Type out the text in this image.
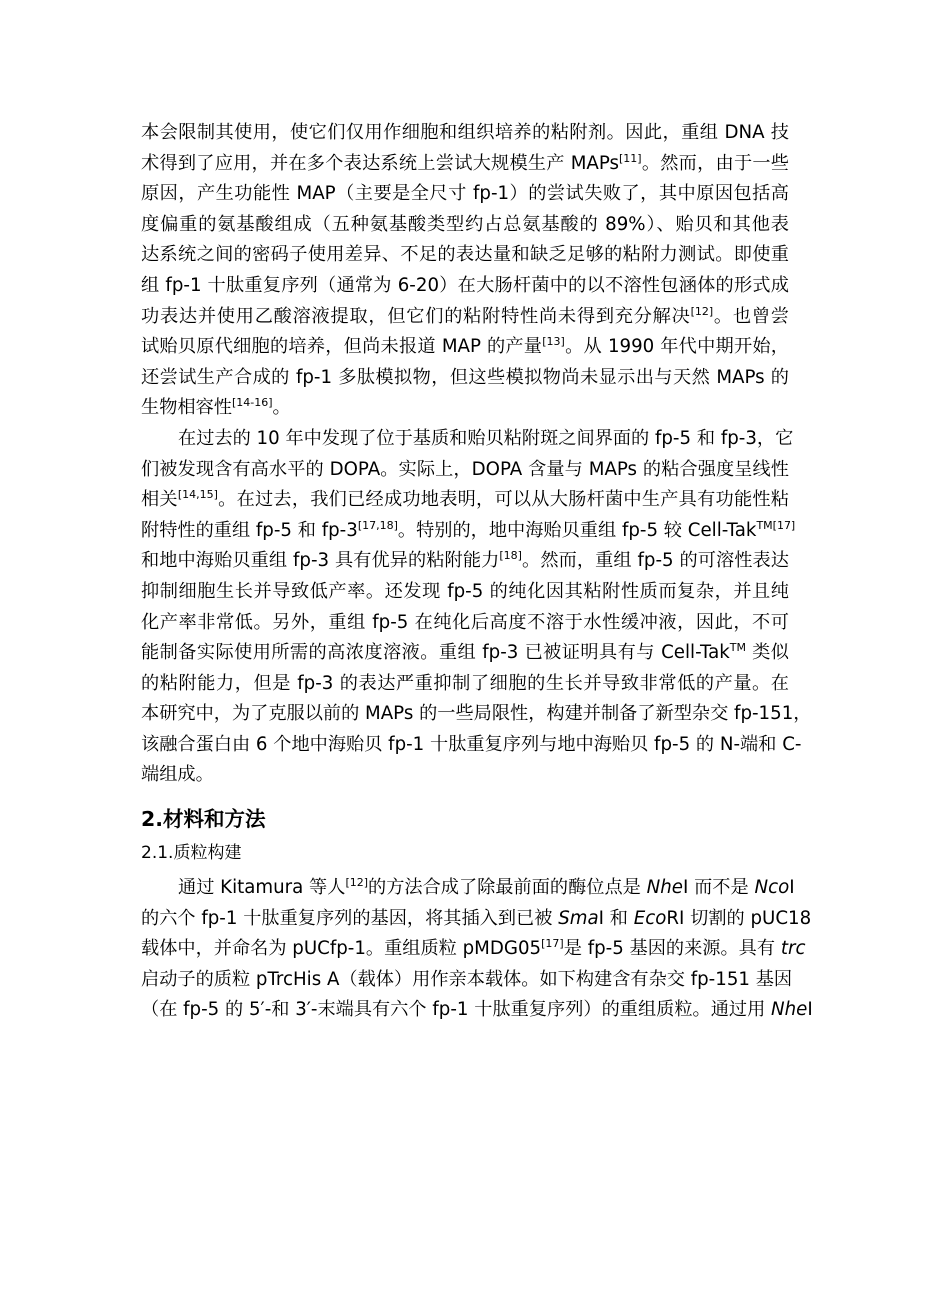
本会限制其使用，使它们仅用作细胞和组织培养的粘附剂。因此，重组 DNA 技
术得到了应用，并在多个表达系统上尝试大规模生产 MAPs[11]。然而，由于一些
原因，产生功能性 MAP（主要是全尺寸 fp-1）的尝试失败了，其中原因包括高
度偏重的氨基酸组成（五种氨基酸类型约占总氨基酸的 89%）、贻贝和其他表
达系统之间的密码子使用差异、不足的表达量和缺乏足够的粘附力测试。即使重
组 fp-1 十肽重复序列（通常为 6-20）在大肠杆菌中的以不溶性包涵体的形式成
功表达并使用乙酸溶液提取，但它们的粘附特性尚未得到充分解决[12]。也曾尝
试贻贝原代细胞的培养，但尚未报道 MAP 的产量[13]。从 1990 年代中期开始，
还尝试生产合成的 fp-1 多肽模拟物，但这些模拟物尚未显示出与天然 MAPs 的
生物相容性[14-16]。
在过去的 10 年中发现了位于基质和贻贝粘附斑之间界面的 fp-5 和 fp-3，它
们被发现含有高水平的 DOPA。实际上，DOPA 含量与 MAPs 的粘合强度呈线性
相关[14,15]。在过去，我们已经成功地表明，可以从大肠杆菌中生产具有功能性粘
附特性的重组 fp-5 和 fp-3[17,18]。特别的，地中海贻贝重组 fp-5 较 Cell-Tak$^{TM[17]}$
和地中海贻贝重组 fp-3 具有优异的粘附能力[18]。然而，重组 fp-5 的可溶性表达
抑制细胞生长并导致低产率。还发现 fp-5 的纯化因其粘附性质而复杂，并且纯
化产率非常低。另外，重组 fp-5 在纯化后高度不溶于水性缓冲液，因此，不可
能制备实际使用所需的高浓度溶液。重组 fp-3 已被证明具有与 Cell-Tak™ 类似
的粘附能力，但是 fp-3 的表达严重抑制了细胞的生长并导致非常低的产量。在
本研究中，为了克服以前的 MAPs 的一些局限性，构建并制备了新型杂交 fp-151，
该融合蛋白由 6 个地中海贻贝 fp-1 十肽重复序列与地中海贻贝 fp-5 的 N-端和 C-
端组成。
2.材料和方法
2.1.质粒构建
通过 Kitamura 等人[12]的方法合成了除最前面的酶位点是 NheI 而不是 NcoI
的六个 fp-1 十肽重复序列的基因，将其插入到已被 SmaI 和 EcoRI 切割的 pUC18
载体中，并命名为 pUCfp-1。重组质粒 pMDG05[17]是 fp-5 基因的来源。具有 trc
启动子的质粒 pTrcHis A（载体）用作亲本载体。如下构建含有杂交 fp-151 基因
（在 fp-5 的 5′-和 3′-末端具有六个 fp-1 十肽重复序列）的重组质粒。通过用 NheI
